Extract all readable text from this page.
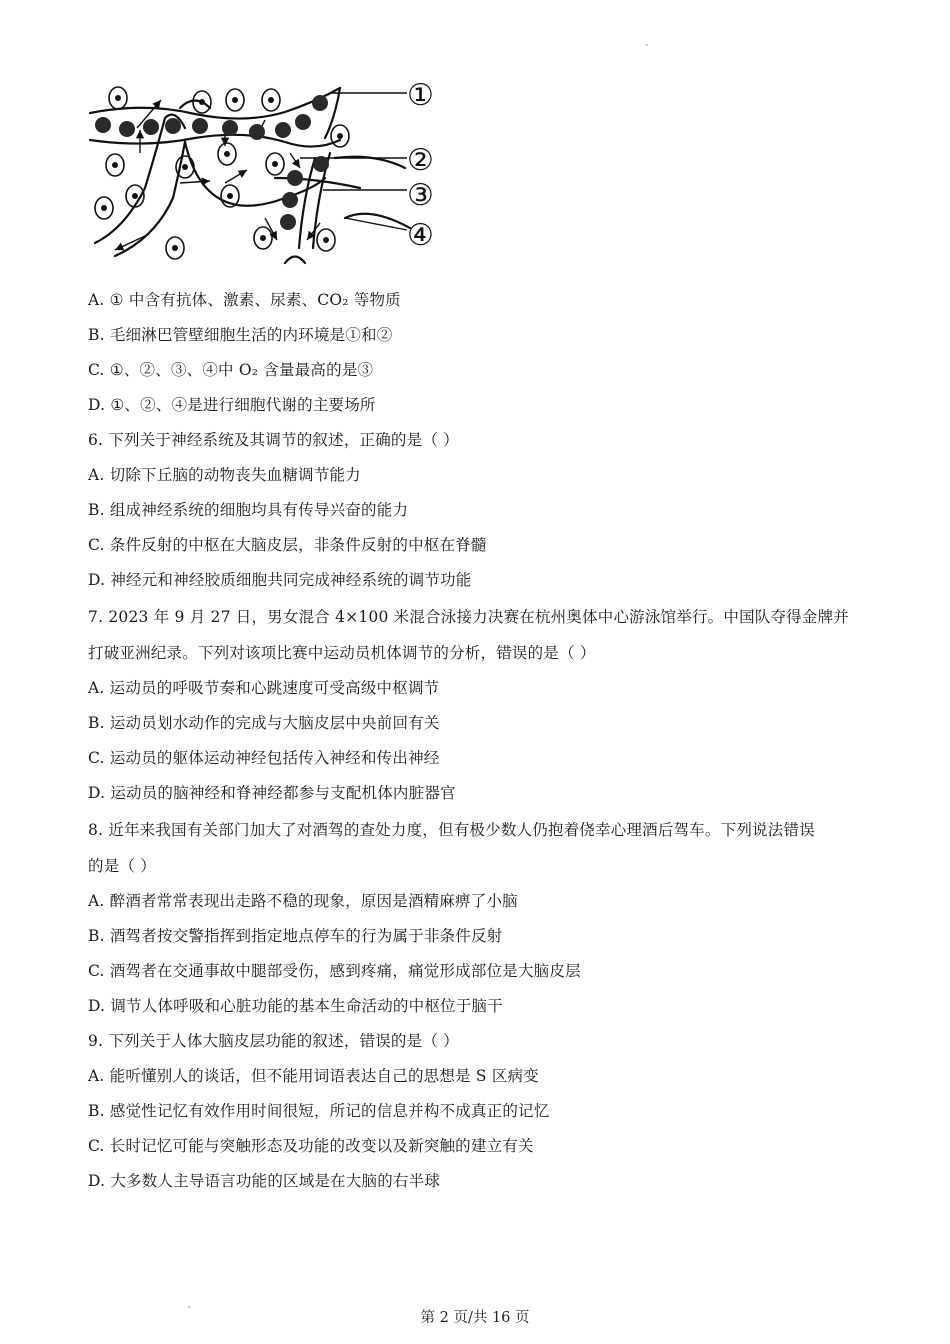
①
②
③
④
A. ① 中含有抗体、激素、尿素、CO₂ 等物质
B. 毛细淋巴管壁细胞生活的内环境是①和②
C. ①、②、③、④中 O₂ 含量最高的是③
D. ①、②、④是进行细胞代谢的主要场所
6. 下列关于神经系统及其调节的叙述，正确的是（ ）
A. 切除下丘脑的动物丧失血糖调节能力
B. 组成神经系统的细胞均具有传导兴奋的能力
C. 条件反射的中枢在大脑皮层，非条件反射的中枢在脊髓
D. 神经元和神经胶质细胞共同完成神经系统的调节功能
7. 2023 年 9 月 27 日，男女混合 4×100 米混合泳接力决赛在杭州奥体中心游泳馆举行。中国队夺得金牌并
打破亚洲纪录。下列对该项比赛中运动员机体调节的分析，错误的是（ ）
A. 运动员的呼吸节奏和心跳速度可受高级中枢调节
B. 运动员划水动作的完成与大脑皮层中央前回有关
C. 运动员的躯体运动神经包括传入神经和传出神经
D. 运动员的脑神经和脊神经都参与支配机体内脏器官
8. 近年来我国有关部门加大了对酒驾的查处力度，但有极少数人仍抱着侥幸心理酒后驾车。下列说法错误
的是（ ）
A. 醉酒者常常表现出走路不稳的现象，原因是酒精麻痹了小脑
B. 酒驾者按交警指挥到指定地点停车的行为属于非条件反射
C. 酒驾者在交通事故中腿部受伤，感到疼痛，痛觉形成部位是大脑皮层
D. 调节人体呼吸和心脏功能的基本生命活动的中枢位于脑干
9. 下列关于人体大脑皮层功能的叙述，错误的是（ ）
A. 能听懂别人的谈话，但不能用词语表达自己的思想是 S 区病变
B. 感觉性记忆有效作用时间很短，所记的信息并构不成真正的记忆
C. 长时记忆可能与突触形态及功能的改变以及新突触的建立有关
D. 大多数人主导语言功能的区域是在大脑的右半球
第 2 页/共 16 页
